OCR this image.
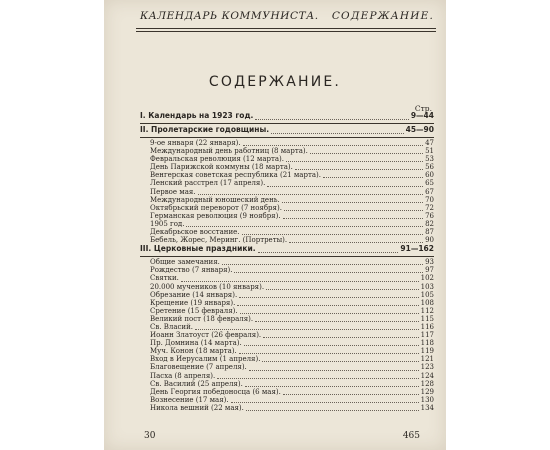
КАЛЕНДАРЬ КОММУНИСТА. СОДЕРЖАНИЕ.
СОДЕРЖАНИЕ.
Стр.
I. Календарь на 1923 год.	9—44
II. Пролетарские годовщины.	45—90
9-ое января (22 января).	47
Международный день работниц (8 марта).	51
Февральская революция (12 марта).	53
День Парижской коммуны (18 марта).	56
Венгерская советская республика (21 марта).	60
Ленский расстрел (17 апреля).	65
Первое мая.	67
Международный юношеский день.	70
Октябрьский переворот (7 ноября).	72
Германская революция (9 ноября).	76
1905 год.	82
Декабрьское восстание.	87
Бебель, Жорес, Меринг. (Портреты).	90
III. Церковные праздники.	91—162
Общие замечания.	93
Рождество (7 января).	97
Святки.	102
20.000 мучеников (10 января).	103
Обрезание (14 января).	105
Крещение (19 января).	108
Сретение (15 февраля).	112
Великий пост (18 февраля).	115
Св. Власий.	116
Иоанн Златоуст (26 февраля).	117
Пр. Домнина (14 марта).	118
Муч. Конон (18 марта).	119
Вход в Иерусалим (1 апреля).	121
Благовещение (7 апреля).	123
Пасха (8 апреля).	124
Св. Василий (25 апреля).	128
День Георгия победоносца (6 мая).	129
Вознесение (17 мая).	130
Никола вешний (22 мая).	134
30	465
